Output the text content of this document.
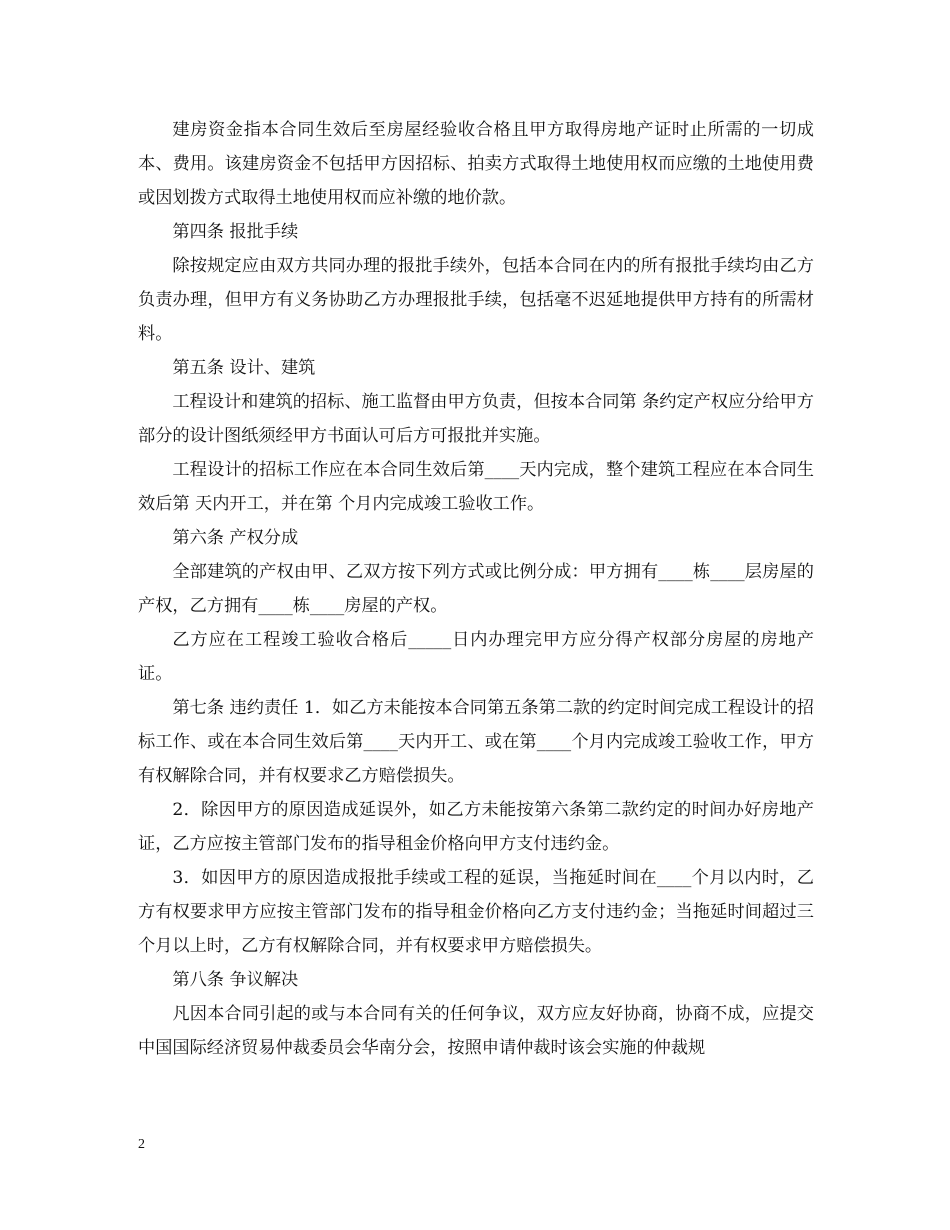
建房资金指本合同生效后至房屋经验收合格且甲方取得房地产证时止所需的一切成本、费用。该建房资金不包括甲方因招标、拍卖方式取得土地使用权而应缴的土地使用费或因划拨方式取得土地使用权而应补缴的地价款。

第四条 报批手续

除按规定应由双方共同办理的报批手续外，包括本合同在内的所有报批手续均由乙方负责办理，但甲方有义务协助乙方办理报批手续，包括毫不迟延地提供甲方持有的所需材料。

第五条 设计、建筑

工程设计和建筑的招标、施工监督由甲方负责，但按本合同第 条约定产权应分给甲方部分的设计图纸须经甲方书面认可后方可报批并实施。

工程设计的招标工作应在本合同生效后第____天内完成，整个建筑工程应在本合同生效后第 天内开工，并在第 个月内完成竣工验收工作。

第六条 产权分成

全部建筑的产权由甲、乙双方按下列方式或比例分成：甲方拥有____栋____层房屋的产权，乙方拥有____栋____房屋的产权。

乙方应在工程竣工验收合格后_____日内办理完甲方应分得产权部分房屋的房地产证。

第七条 违约责任 1．如乙方未能按本合同第五条第二款的约定时间完成工程设计的招标工作、或在本合同生效后第____天内开工、或在第____个月内完成竣工验收工作，甲方有权解除合同，并有权要求乙方赔偿损失。

2．除因甲方的原因造成延误外，如乙方未能按第六条第二款约定的时间办好房地产证，乙方应按主管部门发布的指导租金价格向甲方支付违约金。

3．如因甲方的原因造成报批手续或工程的延误，当拖延时间在____个月以内时，乙方有权要求甲方应按主管部门发布的指导租金价格向乙方支付违约金；当拖延时间超过三个月以上时，乙方有权解除合同，并有权要求甲方赔偿损失。

第八条 争议解决

凡因本合同引起的或与本合同有关的任何争议，双方应友好协商，协商不成，应提交中国国际经济贸易仲裁委员会华南分会，按照申请仲裁时该会实施的仲裁规

2
